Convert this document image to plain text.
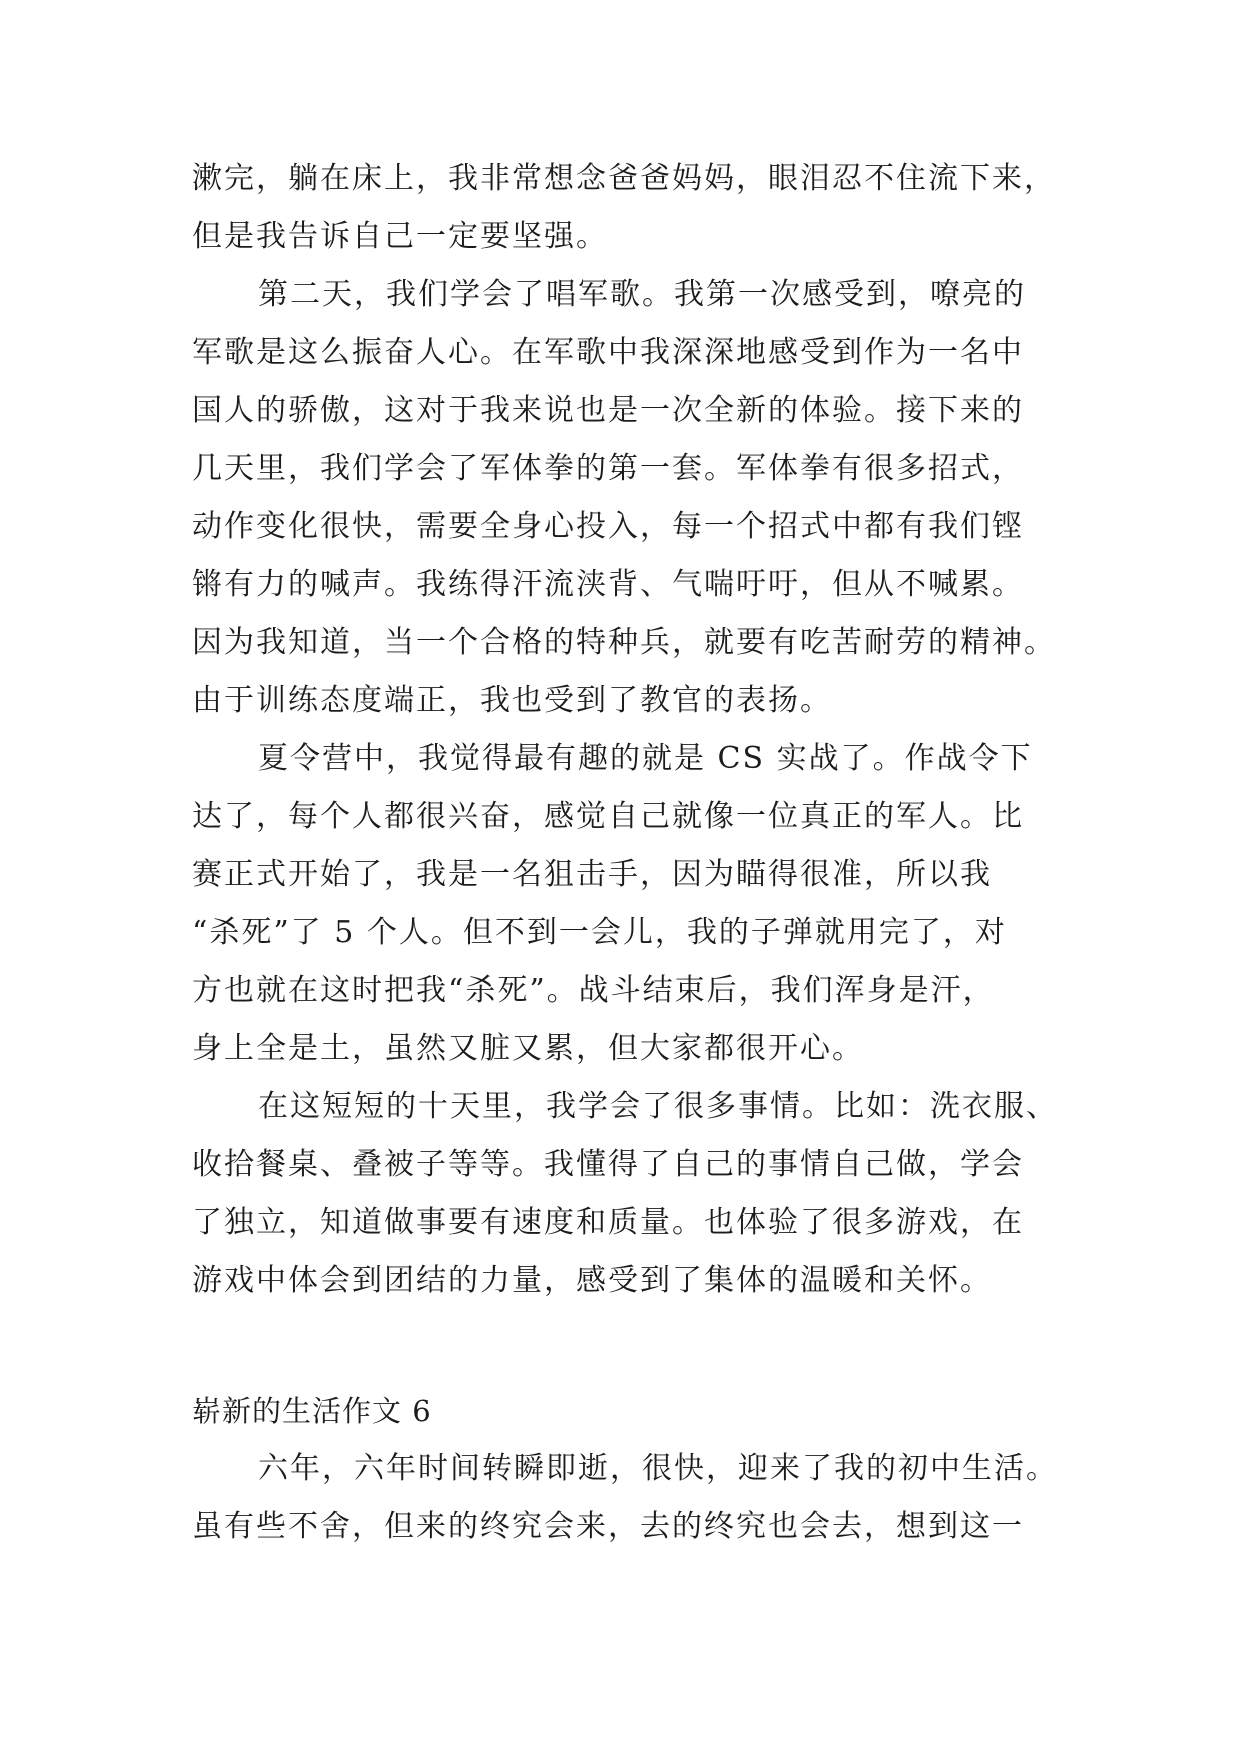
漱完，躺在床上，我非常想念爸爸妈妈，眼泪忍不住流下来，
但是我告诉自己一定要坚强。
第二天，我们学会了唱军歌。我第一次感受到，嘹亮的
军歌是这么振奋人心。在军歌中我深深地感受到作为一名中
国人的骄傲，这对于我来说也是一次全新的体验。接下来的
几天里，我们学会了军体拳的第一套。军体拳有很多招式，
动作变化很快，需要全身心投入，每一个招式中都有我们铿
锵有力的喊声。我练得汗流浃背、气喘吁吁，但从不喊累。
因为我知道，当一个合格的特种兵，就要有吃苦耐劳的精神。
由于训练态度端正，我也受到了教官的表扬。
夏令营中，我觉得最有趣的就是 CS 实战了。作战令下
达了，每个人都很兴奋，感觉自己就像一位真正的军人。比
赛正式开始了，我是一名狙击手，因为瞄得很准，所以我
“杀死”了 5 个人。但不到一会儿，我的子弹就用完了，对
方也就在这时把我“杀死”。战斗结束后，我们浑身是汗，
身上全是土，虽然又脏又累，但大家都很开心。
在这短短的十天里，我学会了很多事情。比如：洗衣服、
收拾餐桌、叠被子等等。我懂得了自己的事情自己做，学会
了独立，知道做事要有速度和质量。也体验了很多游戏，在
游戏中体会到团结的力量，感受到了集体的温暖和关怀。
崭新的生活作文 6
六年，六年时间转瞬即逝，很快，迎来了我的初中生活。
虽有些不舍，但来的终究会来，去的终究也会去，想到这一
